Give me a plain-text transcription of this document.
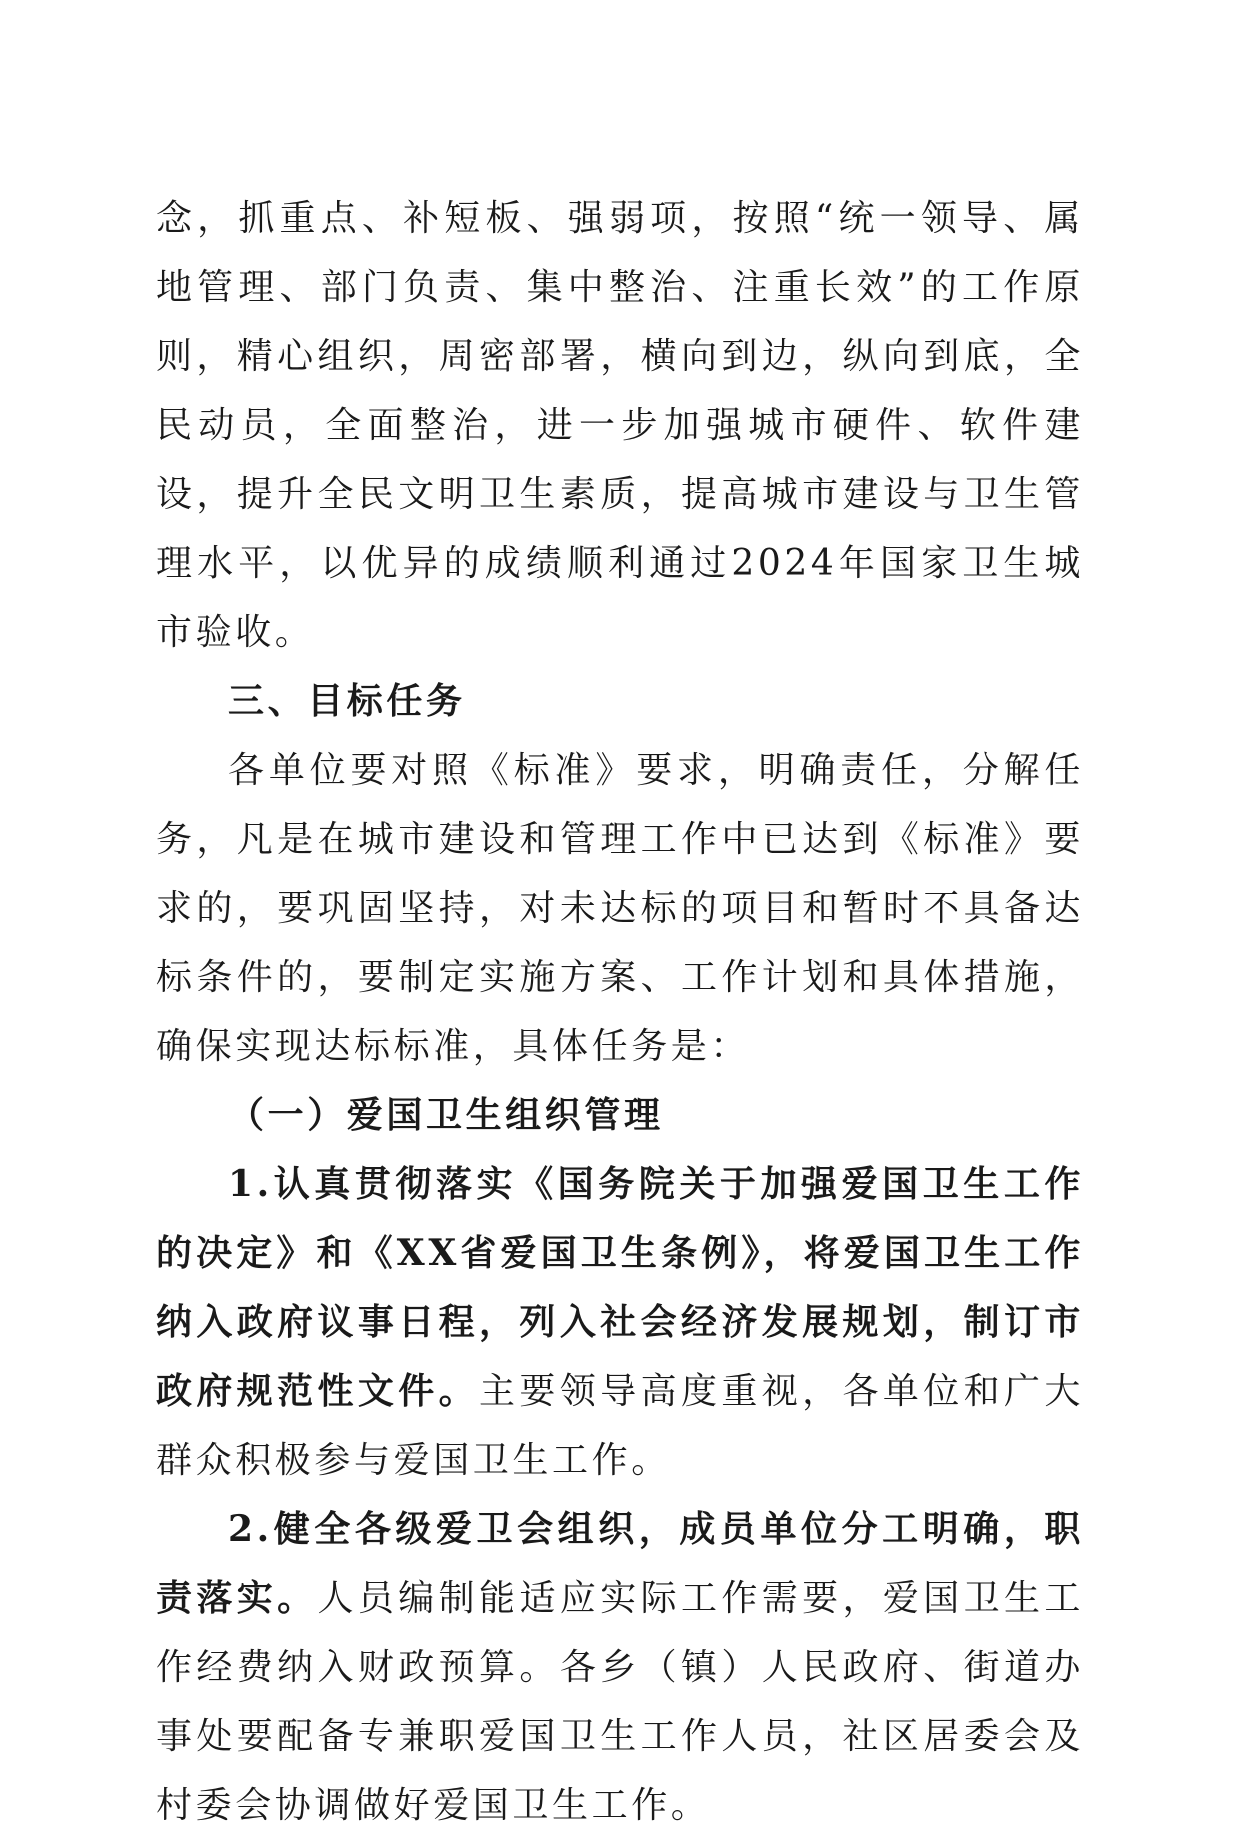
念，抓重点、补短板、强弱项，按照“统一领导、属地管理、部门负责、集中整治、注重长效”的工作原则，精心组织，周密部署，横向到边，纵向到底，全民动员，全面整治，进一步加强城市硬件、软件建设，提升全民文明卫生素质，提高城市建设与卫生管理水平，以优异的成绩顺利通过2024年国家卫生城市验收。

三、目标任务

各单位要对照《标准》要求，明确责任，分解任务，凡是在城市建设和管理工作中已达到《标准》要求的，要巩固坚持，对未达标的项目和暂时不具备达标条件的，要制定实施方案、工作计划和具体措施，确保实现达标标准，具体任务是：

（一）爱国卫生组织管理

1.认真贯彻落实《国务院关于加强爱国卫生工作的决定》和《XX省爱国卫生条例》，将爱国卫生工作纳入政府议事日程，列入社会经济发展规划，制订市政府规范性文件。主要领导高度重视，各单位和广大群众积极参与爱国卫生工作。

2.健全各级爱卫会组织，成员单位分工明确，职责落实。人员编制能适应实际工作需要，爱国卫生工作经费纳入财政预算。各乡（镇）人民政府、街道办事处要配备专兼职爱国卫生工作人员，社区居委会及村委会协调做好爱国卫生工作。
